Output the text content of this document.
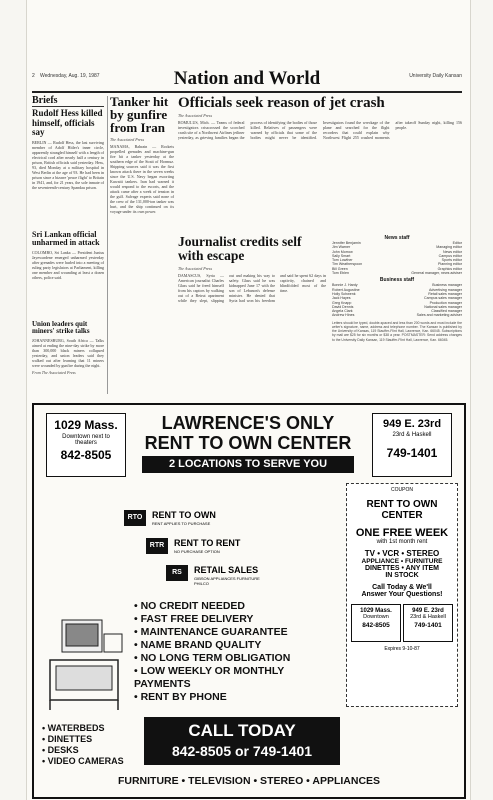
2 Wednesday, Aug. 19, 1987	University Daily Kansan
Nation and World
Briefs
Rudolf Hess killed himself, officials say
BERLIN — Rudolf Hess, the last surviving member of Adolf Hitler's inner circle, apparently strangled himself with a length of electrical cord after nearly half a century in prison, British officials said yesterday. Hess, 93, died Monday at a military hospital in West Berlin at the age of 93. He had been in prison since a bizarre 'peace flight' to Britain in 1941, and, for 21 years, the sole inmate of the seventeenth-century Spandau prison.
Sri Lankan official unharmed in attack
COLOMBO, Sri Lanka — President Junius Jayewardene emerged unharmed yesterday after grenades were hurled into a meeting of ruling party legislators at Parliament, killing one member and wounding at least a dozen others, police said.
Union leaders quit miners' strike talks
JOHANNESBURG, South Africa — Talks aimed at ending the nine-day strike by more than 300,000 black miners collapsed yesterday, and union leaders said they walked out after learning that 11 miners were wounded by gunfire during the night.
From The Associated Press
Tanker hit by gunfire from Iran
The Associated Press
MANAMA, Bahrain — Rockets propelled grenades and machine-gun fire hit a tanker yesterday at the southern edge of the Strait of Hormuz. Shipping sources said it was the first known attack there in the seven weeks since the U.S. Navy began escorting Kuwaiti tankers. Iran had warned it would respond to the escorts, and the attack came after a week of tension in the gulf. Salvage experts said none of the crew of the 131,000-ton tanker was hurt, and the ship continued on its voyage under its own power.
Officials seek reason of jet crash
The Associated Press
ROMULUS, Mich. — Teams of federal investigators crisscrossed the scorched crash site of a Northwest Airlines jetliner yesterday, as grieving families began the process of identifying the bodies of those killed. Relatives of passengers were warned by officials that some of the bodies might never be identified. Investigators found the wreckage of the plane and searched for the flight recorders that could explain why Northwest Flight 255 crashed moments after takeoff Sunday night, killing 156 people.
Journalist credits self with escape
The Associated Press
DAMASCUS, Syria — American journalist Charles Glass said he freed himself from his captors by walking out of a Beirut apartment while they slept, slipping out and making his way to safety. Glass said he was kidnapped June 17 with the son of Lebanon's defense minister. He denied that Syria had won his freedom and said he spent 62 days in captivity, chained and blindfolded most of the time.
News staff
Jennifer Benjamin	Editor
Jim Warner	Managing editor
John Morrow	News editor
Sally Smart	Campus editor
Tom Lowther	Sports editor
Tim Weatherspoon	Planning editor
Bill Green	Graphics editor
Tom Eblen	General manager, news adviser
Business staff
Bonnie J. Hardy	Business manager
Robert Augustine	Advertising manager
Holly Schwenk	Retail sales manager
Jack Hayes	Campus sales manager
Greg Knapp	Production manager
David Dennis	National sales manager
Angela Clark	Classified manager
Andrew Hines	Sales and marketing adviser
Letters should be typed, double-spaced and less than 200 words and must include the writer's signature, name, address and telephone number. The Kansan is published by the University of Kansas, 119 Stauffer-Flint Hall, Lawrence, Kan. 66045. Subscriptions by mail are $25 for six months or $38 a year. POSTMASTER: Send address changes to the University Daily Kansan, 119 Stauffer-Flint Hall, Lawrence, Kan. 66045.
1029 Mass.
Downtown next to theaters
842-8505
LAWRENCE'S ONLY
RENT TO OWN CENTER
2 LOCATIONS TO SERVE YOU
949 E. 23rd
23rd & Haskell
749-1401
RTO	RENT TO OWN
RENT APPLIES TO PURCHASE
RTR	RENT TO RENT
NO PURCHASE OPTION
RS	RETAIL SALES
GIBSON APPLIANCES FURNITURE PHILCO
• NO CREDIT NEEDED
• FAST FREE DELIVERY
• MAINTENANCE GUARANTEE
• NAME BRAND QUALITY
• NO LONG TERM OBLIGATION
• LOW WEEKLY OR MONTHLY PAYMENTS
• RENT BY PHONE
• WATERBEDS
• DINETTES
• DESKS
• VIDEO CAMERAS
CALL TODAY
842-8505 or 749-1401
FURNITURE • TELEVISION • STEREO • APPLIANCES
COUPON
RENT TO OWN CENTER
ONE FREE WEEK
with 1st month rent
TV • VCR • STEREO
APPLIANCE • FURNITURE
DINETTES • ANY ITEM
IN STOCK
Call Today & We'll
Answer Your Questions!
1029 Mass.
Downtown
842-8505
949 E. 23rd
23rd & Haskell
749-1401
Expires 9-10-87
